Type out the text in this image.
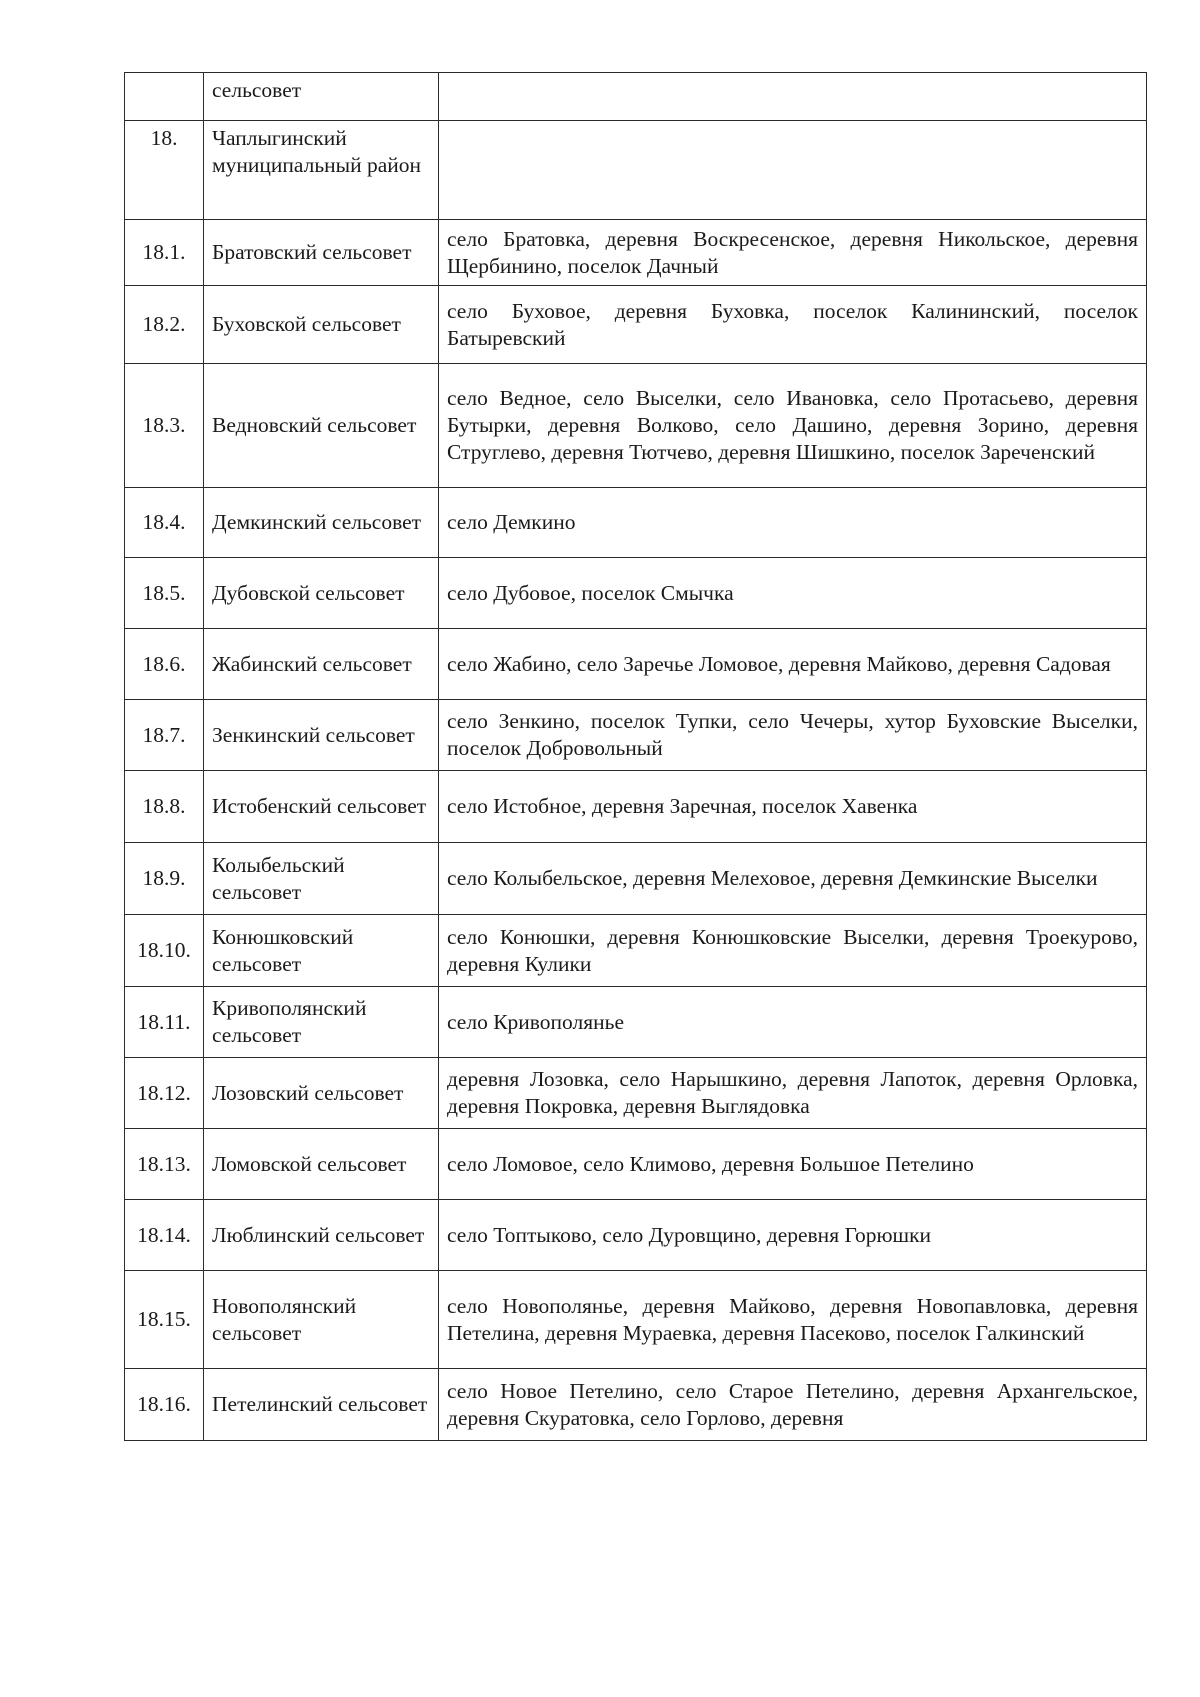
	сельсовет	
18.	Чаплыгинский муниципальный район	
18.1.	Братовский сельсовет	село Братовка, деревня Воскресенское, деревня Никольское, деревня Щербинино, поселок Дачный
18.2.	Буховской сельсовет	село Буховое, деревня Буховка, поселок Калининский, поселок Батыревский
18.3.	Ведновский сельсовет	село Ведное, село Выселки, село Ивановка, село Протасьево, деревня Бутырки, деревня Волково, село Дашино, деревня Зорино, деревня Струглево, деревня Тютчево, деревня Шишкино, поселок Зареченский
18.4.	Демкинский сельсовет	село Демкино
18.5.	Дубовской сельсовет	село Дубовое, поселок Смычка
18.6.	Жабинский сельсовет	село Жабино, село Заречье Ломовое, деревня Майково, деревня Садовая
18.7.	Зенкинский сельсовет	село Зенкино, поселок Тупки, село Чечеры, хутор Буховские Выселки, поселок Добровольный
18.8.	Истобенский сельсовет	село Истобное, деревня Заречная, поселок Хавенка
18.9.	Колыбельский сельсовет	село Колыбельское, деревня Мелеховое, деревня Демкинские Выселки
18.10.	Конюшковский сельсовет	село Конюшки, деревня Конюшковские Выселки, деревня Троекурово, деревня Кулики
18.11.	Кривополянский сельсовет	село Кривополянье
18.12.	Лозовский сельсовет	деревня Лозовка, село Нарышкино, деревня Лапоток, деревня Орловка, деревня Покровка, деревня Выглядовка
18.13.	Ломовской сельсовет	село Ломовое, село Климово, деревня Большое Петелино
18.14.	Люблинский сельсовет	село Топтыково, село Дуровщино, деревня Горюшки
18.15.	Новополянский сельсовет	село Новополянье, деревня Майково, деревня Новопавловка, деревня Петелина, деревня Мураевка, деревня Пасеково, поселок Галкинский
18.16.	Петелинский сельсовет	село Новое Петелино, село Старое Петелино, деревня Архангельское, деревня Скуратовка, село Горлово, деревня
